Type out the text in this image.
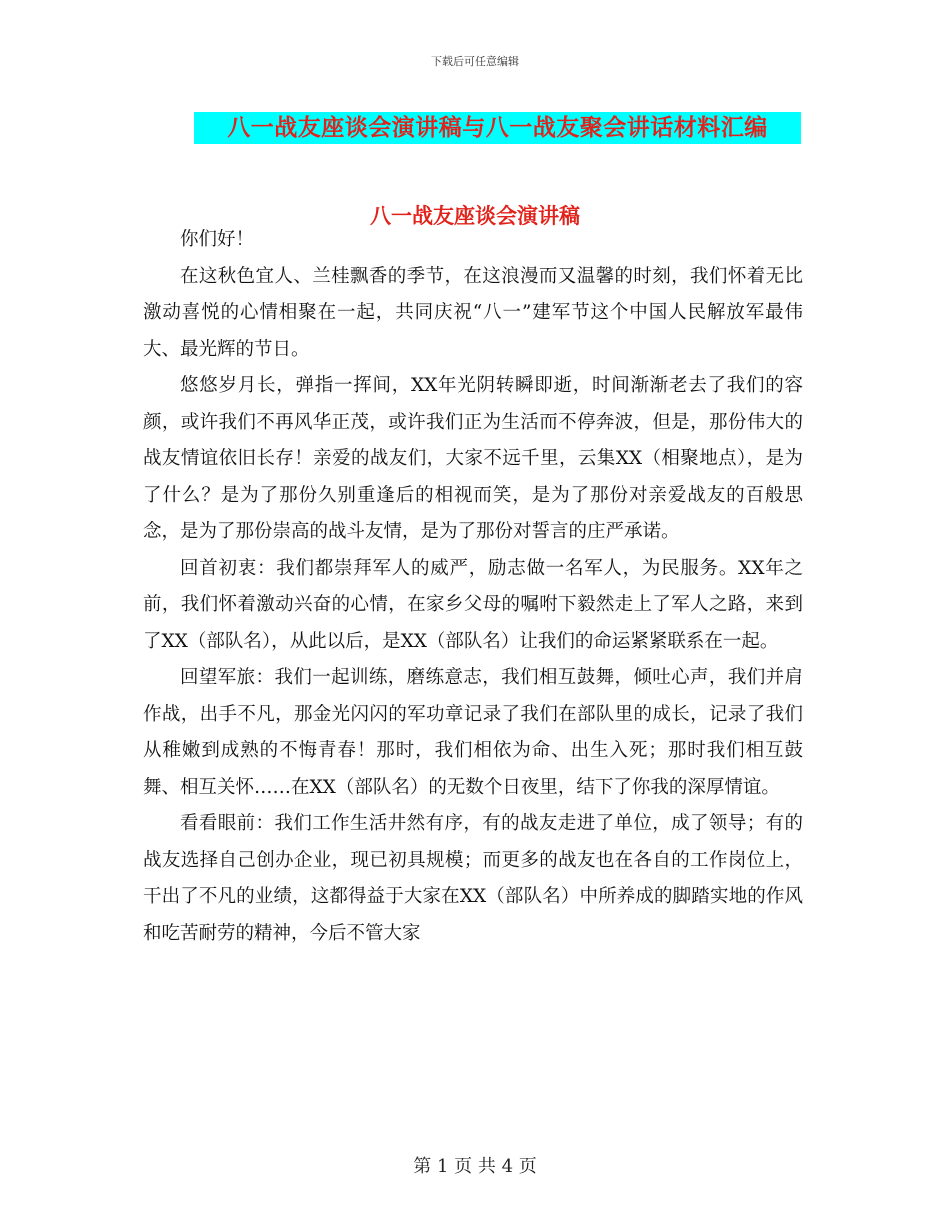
下载后可任意编辑
八一战友座谈会演讲稿与八一战友聚会讲话材料汇编
八一战友座谈会演讲稿

你们好！

在这秋色宜人、兰桂飘香的季节，在这浪漫而又温馨的时刻，我们怀着无比激动喜悦的心情相聚在一起，共同庆祝“八一”建军节这个中国人民解放军最伟大、最光辉的节日。

悠悠岁月长，弹指一挥间，XX年光阴转瞬即逝，时间渐渐老去了我们的容颜，或许我们不再风华正茂，或许我们正为生活而不停奔波，但是，那份伟大的战友情谊依旧长存！亲爱的战友们，大家不远千里，云集XX（相聚地点），是为了什么？是为了那份久别重逢后的相视而笑，是为了那份对亲爱战友的百般思念，是为了那份崇高的战斗友情，是为了那份对誓言的庄严承诺。

回首初衷：我们都崇拜军人的威严，励志做一名军人，为民服务。XX年之前，我们怀着激动兴奋的心情，在家乡父母的嘱咐下毅然走上了军人之路，来到了XX（部队名），从此以后，是XX（部队名）让我们的命运紧紧联系在一起。

回望军旅：我们一起训练，磨练意志，我们相互鼓舞，倾吐心声，我们并肩作战，出手不凡，那金光闪闪的军功章记录了我们在部队里的成长，记录了我们从稚嫩到成熟的不悔青春！那时，我们相依为命、出生入死；那时我们相互鼓舞、相互关怀……在XX（部队名）的无数个日夜里，结下了你我的深厚情谊。

看看眼前：我们工作生活井然有序，有的战友走进了单位，成了领导；有的战友选择自己创办企业，现已初具规模；而更多的战友也在各自的工作岗位上，干出了不凡的业绩，这都得益于大家在XX（部队名）中所养成的脚踏实地的作风和吃苦耐劳的精神，今后不管大家

第 1 页 共 4 页
